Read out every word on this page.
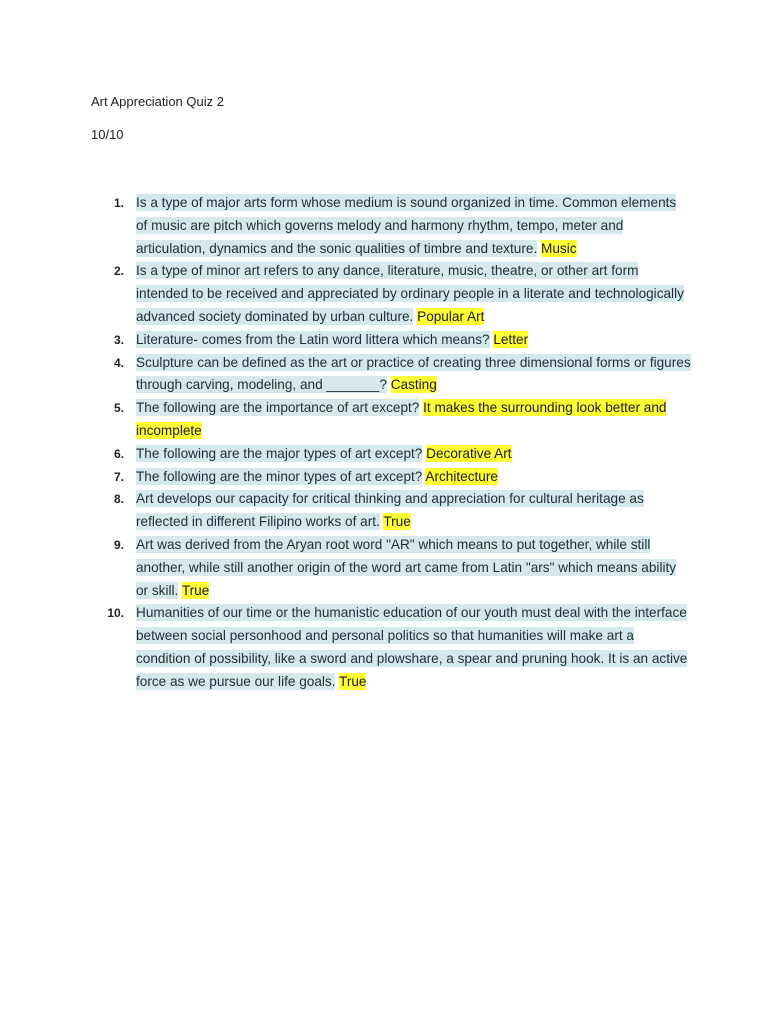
Art Appreciation Quiz 2
10/10
1. Is a type of major arts form whose medium is sound organized in time. Common elements of music are pitch which governs melody and harmony rhythm, tempo, meter and articulation, dynamics and the sonic qualities of timbre and texture. Music
2. Is a type of minor art refers to any dance, literature, music, theatre, or other art form intended to be received and appreciated by ordinary people in a literate and technologically advanced society dominated by urban culture. Popular Art
3. Literature- comes from the Latin word littera which means? Letter
4. Sculpture can be defined as the art or practice of creating three dimensional forms or figures through carving, modeling, and _______? Casting
5. The following are the importance of art except? It makes the surrounding look better and incomplete
6. The following are the major types of art except? Decorative Art
7. The following are the minor types of art except? Architecture
8. Art develops our capacity for critical thinking and appreciation for cultural heritage as reflected in different Filipino works of art. True
9. Art was derived from the Aryan root word "AR" which means to put together, while still another, while still another origin of the word art came from Latin "ars" which means ability or skill. True
10. Humanities of our time or the humanistic education of our youth must deal with the interface between social personhood and personal politics so that humanities will make art a condition of possibility, like a sword and plowshare, a spear and pruning hook. It is an active force as we pursue our life goals. True
